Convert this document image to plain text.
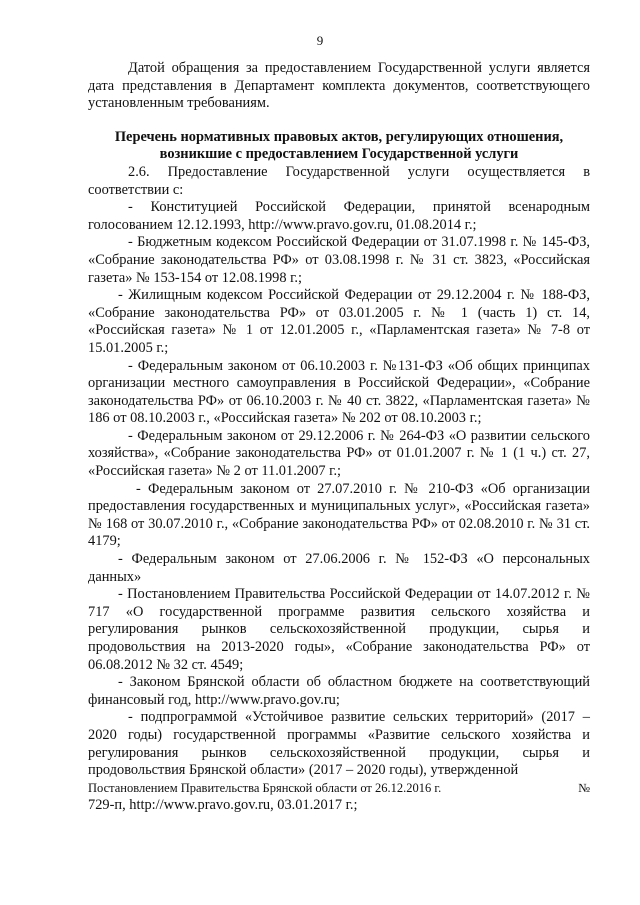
9

Датой обращения за предоставлением Государственной услуги является дата представления в Департамент комплекта документов, соответствующего установленным требованиям.

Перечень нормативных правовых актов, регулирующих отношения, возникшие с предоставлением Государственной услуги

2.6. Предоставление Государственной услуги осуществляется в соответствии с:

- Конституцией Российской Федерации, принятой всенародным голосованием 12.12.1993, http://www.pravo.gov.ru, 01.08.2014 г.;

- Бюджетным кодексом Российской Федерации от 31.07.1998 г. № 145-ФЗ, «Собрание законодательства РФ» от 03.08.1998 г. № 31 ст. 3823, «Российская газета» № 153-154 от 12.08.1998 г.;

- Жилищным кодексом Российской Федерации от 29.12.2004 г. № 188-ФЗ, «Собрание законодательства РФ» от 03.01.2005 г. № 1 (часть 1) ст. 14, «Российская газета» № 1 от 12.01.2005 г., «Парламентская газета» № 7-8 от 15.01.2005 г.;

- Федеральным законом от 06.10.2003 г. №131-ФЗ «Об общих принципах организации местного самоуправления в Российской Федерации», «Собрание законодательства РФ» от 06.10.2003 г. № 40 ст. 3822, «Парламентская газета» № 186 от 08.10.2003 г., «Российская газета» № 202 от 08.10.2003 г.;

- Федеральным законом от 29.12.2006 г. № 264-ФЗ «О развитии сельского хозяйства», «Собрание законодательства РФ» от 01.01.2007 г. № 1 (1 ч.) ст. 27, «Российская газета» № 2 от 11.01.2007 г.;

- Федеральным законом от 27.07.2010 г. № 210-ФЗ «Об организации предоставления государственных и муниципальных услуг», «Российская газета» № 168 от 30.07.2010 г., «Собрание законодательства РФ» от 02.08.2010 г. № 31 ст. 4179;

- Федеральным законом от 27.06.2006 г. № 152-ФЗ «О персональных данных»

- Постановлением Правительства Российской Федерации от 14.07.2012 г. № 717 «О государственной программе развития сельского хозяйства и регулирования рынков сельскохозяйственной продукции, сырья и продовольствия на 2013-2020 годы», «Собрание законодательства РФ» от 06.08.2012 № 32 ст. 4549;

- Законом Брянской области об областном бюджете на соответствующий финансовый год, http://www.pravo.gov.ru;

- подпрограммой «Устойчивое развитие сельских территорий» (2017 – 2020 годы) государственной программы «Развитие сельского хозяйства и регулирования рынков сельскохозяйственной продукции, сырья и продовольствия Брянской области» (2017 – 2020 годы), утвержденной

Постановлением Правительства Брянской области от 26.12.2016 г.	№

729-п, http://www.pravo.gov.ru, 03.01.2017 г.;
